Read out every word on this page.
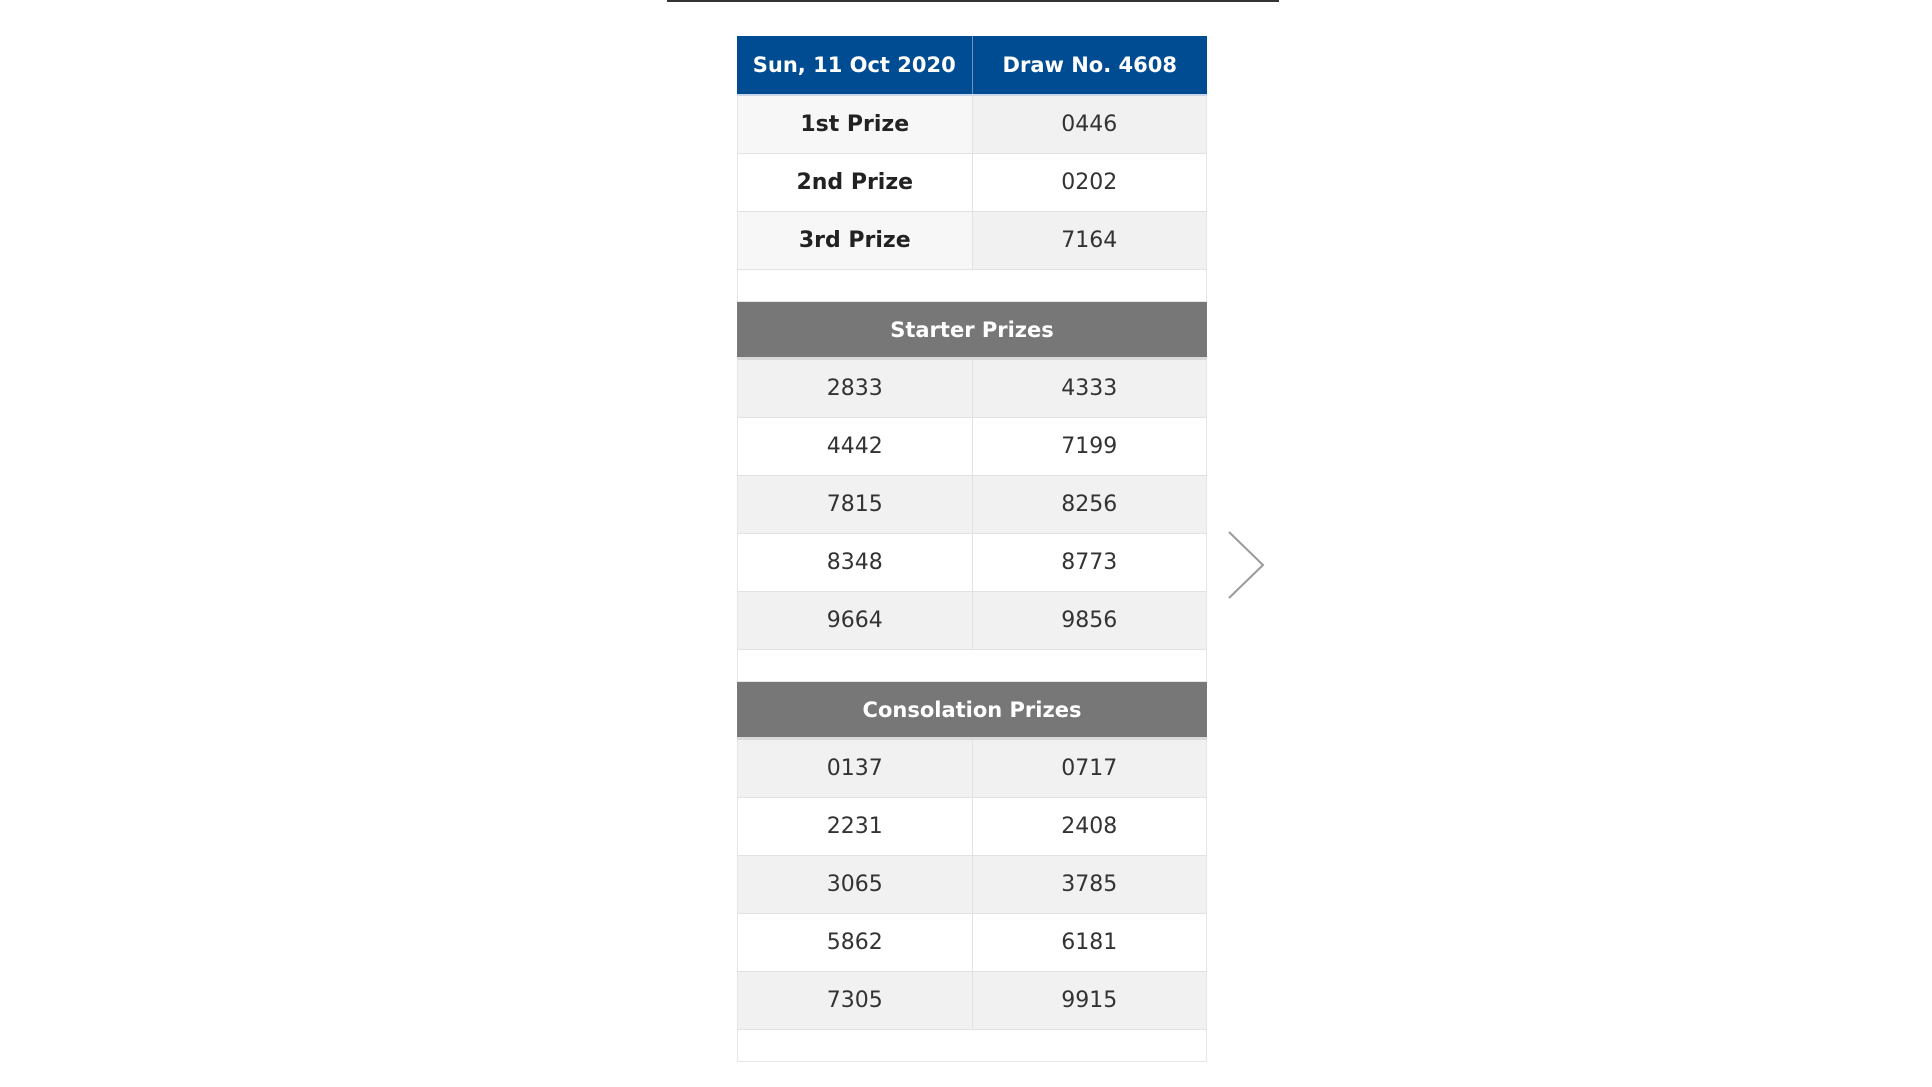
Sun, 11 Oct 2020	Draw No. 4608
1st Prize	0446
2nd Prize	0202
3rd Prize	7164
Starter Prizes
2833	4333
4442	7199
7815	8256
8348	8773
9664	9856
Consolation Prizes
0137	0717
2231	2408
3065	3785
5862	6181
7305	9915
